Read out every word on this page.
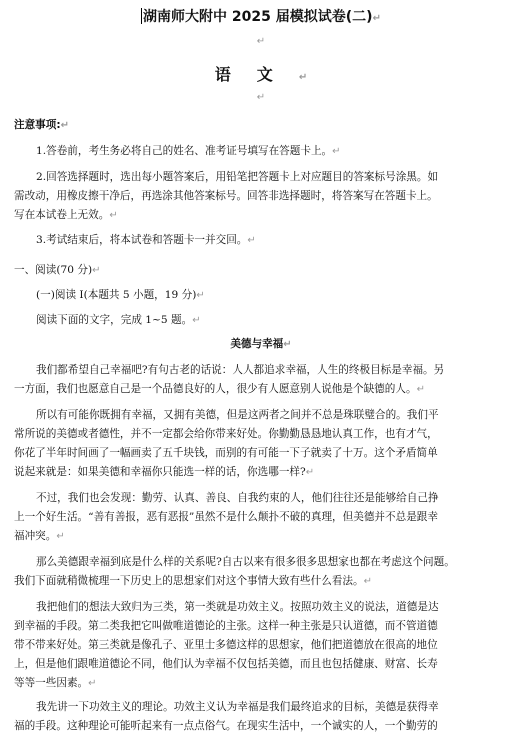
湖南师大附中 2025 届模拟试卷(二)↵
↵
语文↵
↵
注意事项:↵
1.答卷前，考生务必将自己的姓名、准考证号填写在答题卡上。↵
2.回答选择题时，选出每小题答案后，用铅笔把答题卡上对应题目的答案标号涂黑。如
需改动，用橡皮擦干净后，再选涂其他答案标号。回答非选择题时，将答案写在答题卡上。
写在本试卷上无效。↵
3.考试结束后，将本试卷和答题卡一并交回。↵
一、阅读(70 分)↵
(一)阅读 I(本题共 5 小题，19 分)↵
阅读下面的文字，完成 1~5 题。↵
美德与幸福↵
我们都希望自己幸福吧?有句古老的话说：人人都追求幸福，人生的终极目标是幸福。另
一方面，我们也愿意自己是一个品德良好的人，很少有人愿意别人说他是个缺德的人。↵
所以有可能你既拥有幸福，又拥有美德，但是这两者之间并不总是珠联璧合的。我们平
常所说的美德或者德性，并不一定都会给你带来好处。你勤勤恳恳地认真工作，也有才气，
你花了半年时间画了一幅画卖了五千块钱，而别的有可能一下子就卖了十万。这个矛盾简单
说起来就是：如果美德和幸福你只能选一样的话，你选哪一样?↵
不过，我们也会发现：勤劳、认真、善良、自我约束的人，他们往往还是能够给自己挣
上一个好生活。“善有善报，恶有恶报”虽然不是什么颠扑不破的真理，但美德并不总是跟幸
福冲突。↵
那么美德跟幸福到底是什么样的关系呢?自古以来有很多很多思想家也都在考虑这个问题。
我们下面就稍微梳理一下历史上的思想家们对这个事情大致有些什么看法。↵
我把他们的想法大致归为三类，第一类就是功效主义。按照功效主义的说法，道德是达
到幸福的手段。第二类我把它叫做唯道德论的主张。这样一种主张是只认道德，而不管道德
带不带来好处。第三类就是像孔子、亚里士多德这样的思想家，他们把道德放在很高的地位
上，但是他们跟唯道德论不同，他们认为幸福不仅包括美德，而且也包括健康、财富、长寿
等等一些因素。↵
我先讲一下功效主义的理论。功效主义认为幸福是我们最终追求的目标，美德是获得幸
福的手段。这种理论可能听起来有一点点俗气。在现实生活中，一个诚实的人，一个勤劳的
